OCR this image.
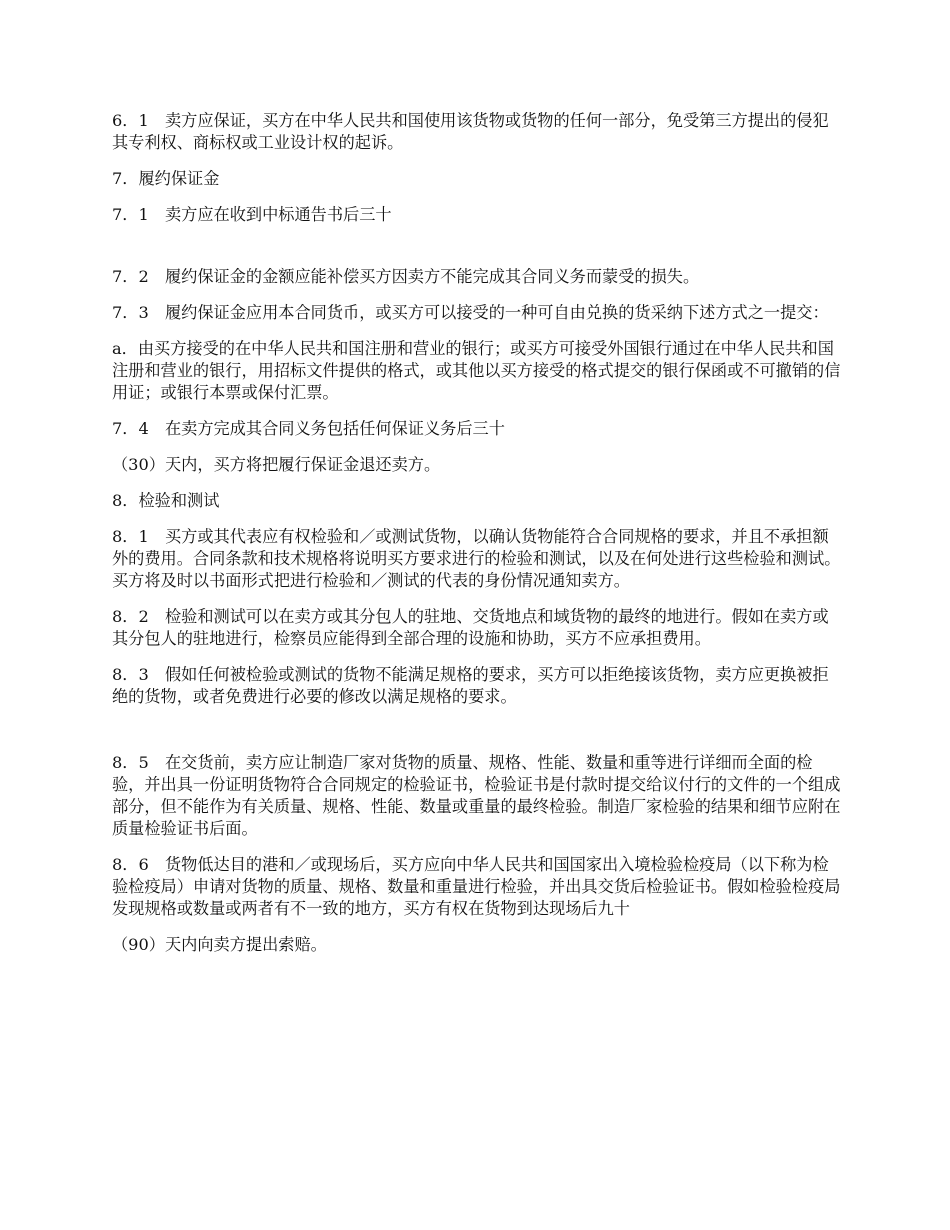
6．1　卖方应保证，买方在中华人民共和国使用该货物或货物的任何一部分，免受第三方提出的侵犯其专利权、商标权或工业设计权的起诉。

7．履约保证金

7．1　卖方应在收到中标通告书后三十

7．2　履约保证金的金额应能补偿买方因卖方不能完成其合同义务而蒙受的损失。

7．3　履约保证金应用本合同货币，或买方可以接受的一种可自由兑换的货采纳下述方式之一提交：

a．由买方接受的在中华人民共和国注册和营业的银行；或买方可接受外国银行通过在中华人民共和国注册和营业的银行，用招标文件提供的格式，或其他以买方接受的格式提交的银行保函或不可撤销的信用证；或银行本票或保付汇票。

7．4　在卖方完成其合同义务包括任何保证义务后三十

（30）天内，买方将把履行保证金退还卖方。

8．检验和测试

8．1　买方或其代表应有权检验和／或测试货物，以确认货物能符合合同规格的要求，并且不承担额外的费用。合同条款和技术规格将说明买方要求进行的检验和测试，以及在何处进行这些检验和测试。买方将及时以书面形式把进行检验和／测试的代表的身份情况通知卖方。

8．2　检验和测试可以在卖方或其分包人的驻地、交货地点和域货物的最终的地进行。假如在卖方或其分包人的驻地进行，检察员应能得到全部合理的设施和协助，买方不应承担费用。

8．3　假如任何被检验或测试的货物不能满足规格的要求，买方可以拒绝接该货物，卖方应更换被拒绝的货物，或者免费进行必要的修改以满足规格的要求。

8．5　在交货前，卖方应让制造厂家对货物的质量、规格、性能、数量和重等进行详细而全面的检验，并出具一份证明货物符合合同规定的检验证书，检验证书是付款时提交给议付行的文件的一个组成部分，但不能作为有关质量、规格、性能、数量或重量的最终检验。制造厂家检验的结果和细节应附在质量检验证书后面。

8．6　货物低达目的港和／或现场后，买方应向中华人民共和国国家出入境检验检疫局（以下称为检验检疫局）申请对货物的质量、规格、数量和重量进行检验，并出具交货后检验证书。假如检验检疫局发现规格或数量或两者有不一致的地方，买方有权在货物到达现场后九十

（90）天内向卖方提出索赔。
